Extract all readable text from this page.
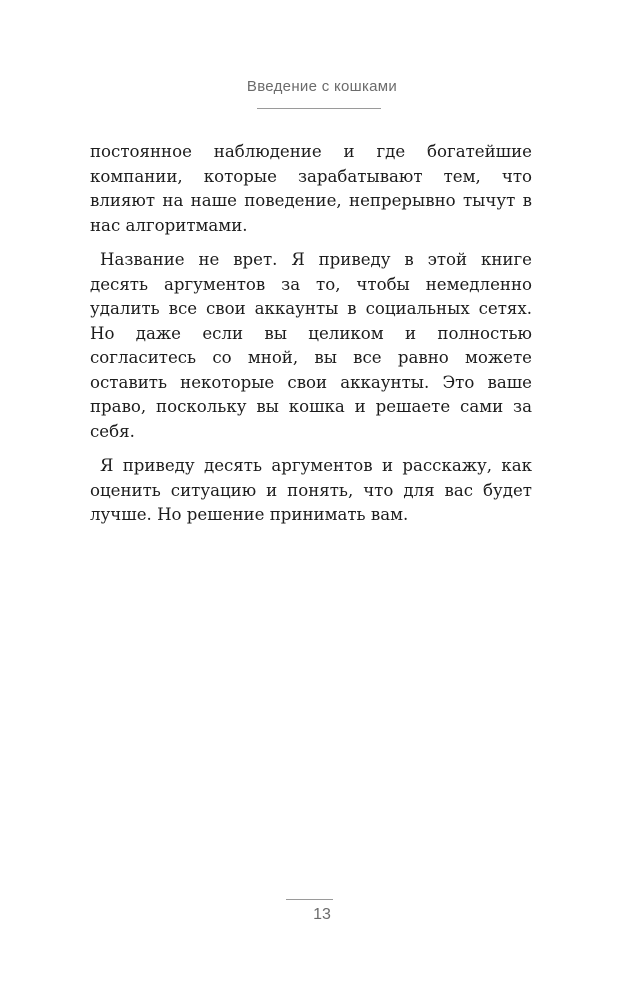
Введение с кошками

постоянное наблюдение и где богатейшие компании, которые зарабатывают тем, что влияют на наше поведение, непрерывно тычут в нас алгоритмами.

Название не врет. Я приведу в этой книге десять аргументов за то, чтобы немедленно удалить все свои аккаунты в социальных сетях. Но даже если вы целиком и полностью согласитесь со мной, вы все равно можете оставить некоторые свои аккаунты. Это ваше право, поскольку вы кошка и решаете сами за себя.

Я приведу десять аргументов и расскажу, как оценить ситуацию и понять, что для вас будет лучше. Но решение принимать вам.

13
